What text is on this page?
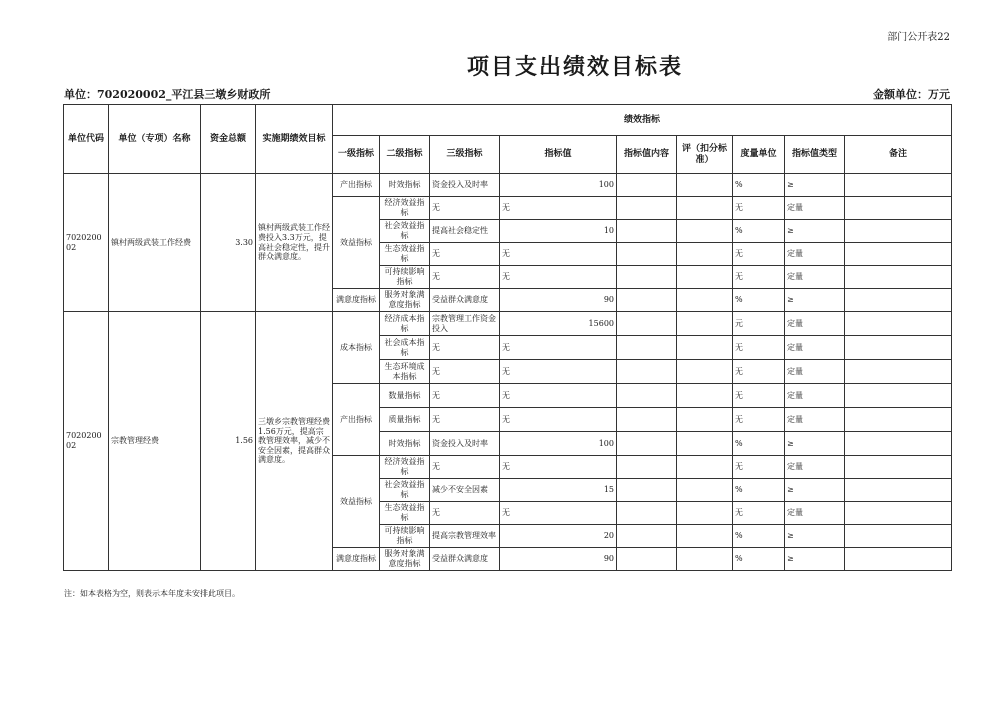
部门公开表22
项目支出绩效目标表
单位：702020002_平江县三墩乡财政所	金额单位：万元
单位代码	单位（专项）名称	资金总额	实施期绩效目标	绩效指标								
				一级指标	二级指标	三级指标	指标值	指标值内容	评（扣分标准）	度量单位	指标值类型	备注
702020002	镇村两级武装工作经费	3.30	镇村两级武装工作经费投入3.3万元，提高社会稳定性，提升群众满意度。	产出指标	时效指标	资金投入及时率	100			%	≥	
				效益指标	经济效益指标	无	无			无	定量	
					社会效益指标	提高社会稳定性	10			%	≥	
					生态效益指标	无	无			无	定量	
					可持续影响指标	无	无			无	定量	
				满意度指标	服务对象满意度指标	受益群众满意度	90			%	≥	
702020002	宗教管理经费	1.56	三墩乡宗教管理经费1.56万元，提高宗教管理效率，减少不安全因素，提高群众满意度。	成本指标	经济成本指标	宗教管理工作资金投入	15600			元	定量	
					社会成本指标	无	无			无	定量	
					生态环境成本指标	无	无			无	定量	
				产出指标	数量指标	无	无			无	定量	
					质量指标	无	无			无	定量	
					时效指标	资金投入及时率	100			%	≥	
				效益指标	经济效益指标	无	无			无	定量	
					社会效益指标	减少不安全因素	15			%	≥	
					生态效益指标	无	无			无	定量	
					可持续影响指标	提高宗教管理效率	20			%	≥	
				满意度指标	服务对象满意度指标	受益群众满意度	90			%	≥	
注：如本表格为空，则表示本年度未安排此项目。
